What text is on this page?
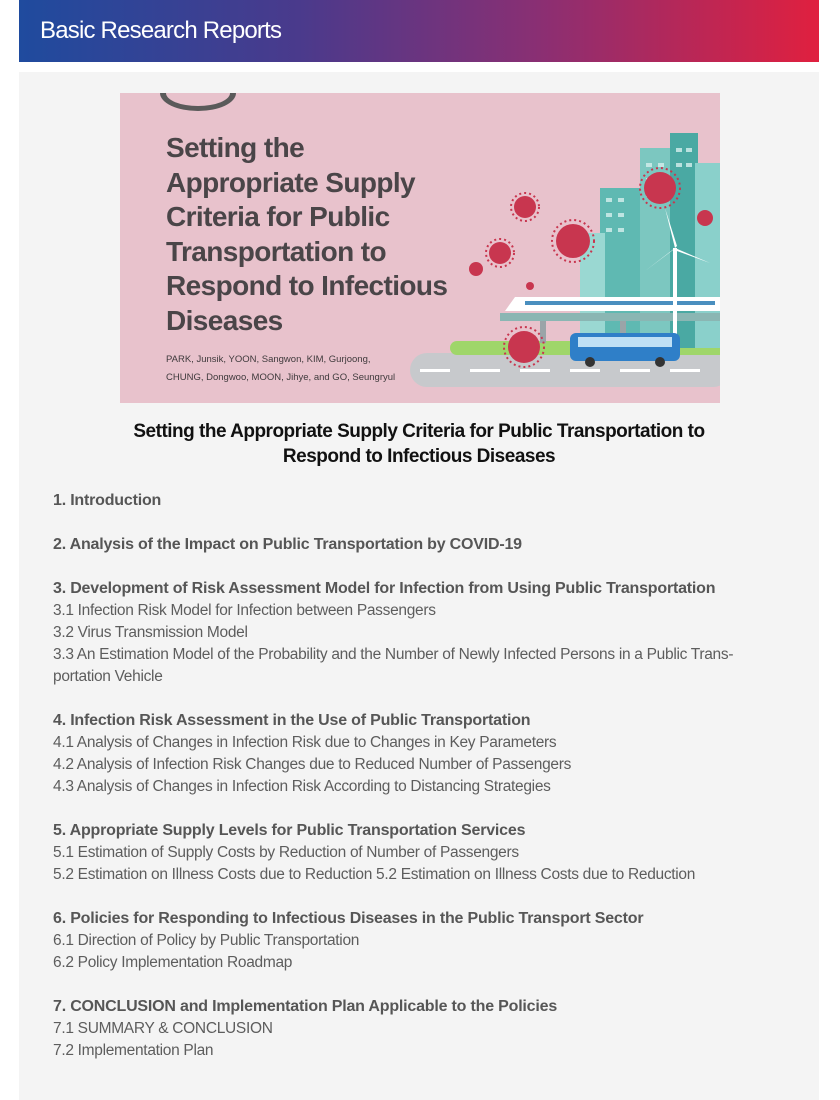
Basic Research Reports
Setting the
Appropriate Supply
Criteria for Public
Transportation to
Respond to Infectious
Diseases
PARK, Junsik, YOON, Sangwon, KIM, Gurjoong,
CHUNG, Dongwoo, MOON, Jihye, and GO, Seungryul
Setting the Appropriate Supply Criteria for Public Transportation to
Respond to Infectious Diseases
1. Introduction
2. Analysis of the Impact on Public Transportation by COVID-19
3. Development of Risk Assessment Model for Infection from Using Public Transportation
3.1 Infection Risk Model for Infection between Passengers
3.2 Virus Transmission Model
3.3 An Estimation Model of the Probability and the Number of Newly Infected Persons in a Public Trans-
portation Vehicle
4. Infection Risk Assessment in the Use of Public Transportation
4.1 Analysis of Changes in Infection Risk due to Changes in Key Parameters
4.2 Analysis of Infection Risk Changes due to Reduced Number of Passengers
4.3 Analysis of Changes in Infection Risk According to Distancing Strategies
5. Appropriate Supply Levels for Public Transportation Services
5.1 Estimation of Supply Costs by Reduction of Number of Passengers
5.2 Estimation on Illness Costs due to Reduction 5.2 Estimation on Illness Costs due to Reduction
6. Policies for Responding to Infectious Diseases in the Public Transport Sector
6.1 Direction of Policy by Public Transportation
6.2 Policy Implementation Roadmap
7. CONCLUSION and Implementation Plan Applicable to the Policies
7.1 SUMMARY & CONCLUSION
7.2 Implementation Plan
